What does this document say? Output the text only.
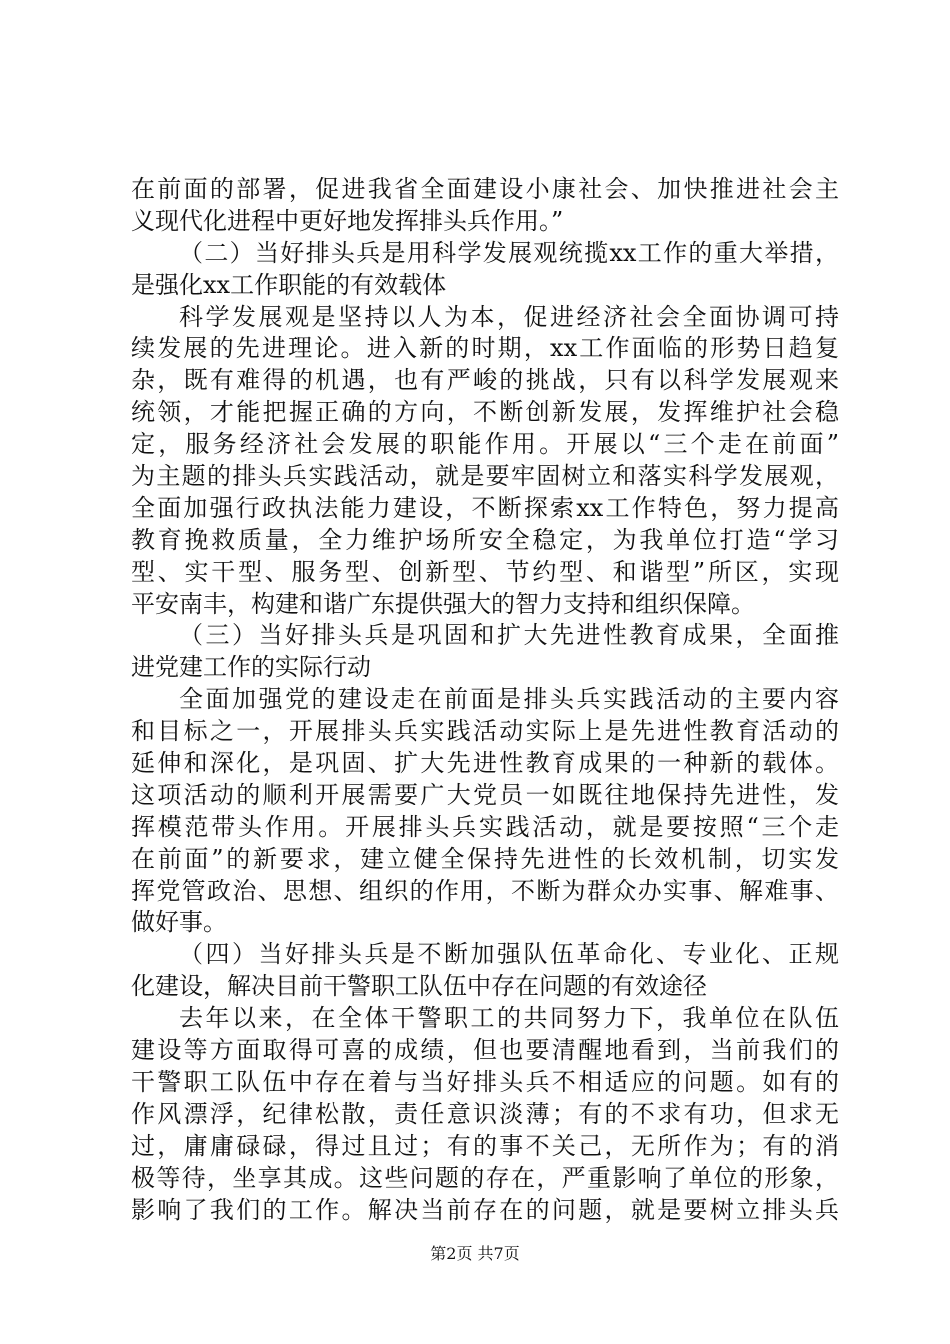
在前面的部署，促进我省全面建设小康社会、加快推进社会主
义现代化进程中更好地发挥排头兵作用。”
（二）当好排头兵是用科学发展观统揽xx工作的重大举措，
是强化xx工作职能的有效载体
科学发展观是坚持以人为本，促进经济社会全面协调可持
续发展的先进理论。进入新的时期，xx工作面临的形势日趋复
杂，既有难得的机遇，也有严峻的挑战，只有以科学发展观来
统领，才能把握正确的方向，不断创新发展，发挥维护社会稳
定，服务经济社会发展的职能作用。开展以“三个走在前面”
为主题的排头兵实践活动，就是要牢固树立和落实科学发展观，
全面加强行政执法能力建设，不断探索xx工作特色，努力提高
教育挽救质量，全力维护场所安全稳定，为我单位打造“学习
型、实干型、服务型、创新型、节约型、和谐型”所区，实现
平安南丰，构建和谐广东提供强大的智力支持和组织保障。
（三）当好排头兵是巩固和扩大先进性教育成果，全面推
进党建工作的实际行动
全面加强党的建设走在前面是排头兵实践活动的主要内容
和目标之一，开展排头兵实践活动实际上是先进性教育活动的
延伸和深化，是巩固、扩大先进性教育成果的一种新的载体。
这项活动的顺利开展需要广大党员一如既往地保持先进性，发
挥模范带头作用。开展排头兵实践活动，就是要按照“三个走
在前面”的新要求，建立健全保持先进性的长效机制，切实发
挥党管政治、思想、组织的作用，不断为群众办实事、解难事、
做好事。
（四）当好排头兵是不断加强队伍革命化、专业化、正规
化建设，解决目前干警职工队伍中存在问题的有效途径
去年以来，在全体干警职工的共同努力下，我单位在队伍
建设等方面取得可喜的成绩，但也要清醒地看到，当前我们的
干警职工队伍中存在着与当好排头兵不相适应的问题。如有的
作风漂浮，纪律松散，责任意识淡薄；有的不求有功，但求无
过，庸庸碌碌，得过且过；有的事不关己，无所作为；有的消
极等待，坐享其成。这些问题的存在，严重影响了单位的形象，
影响了我们的工作。解决当前存在的问题，就是要树立排头兵
第2页 共7页
